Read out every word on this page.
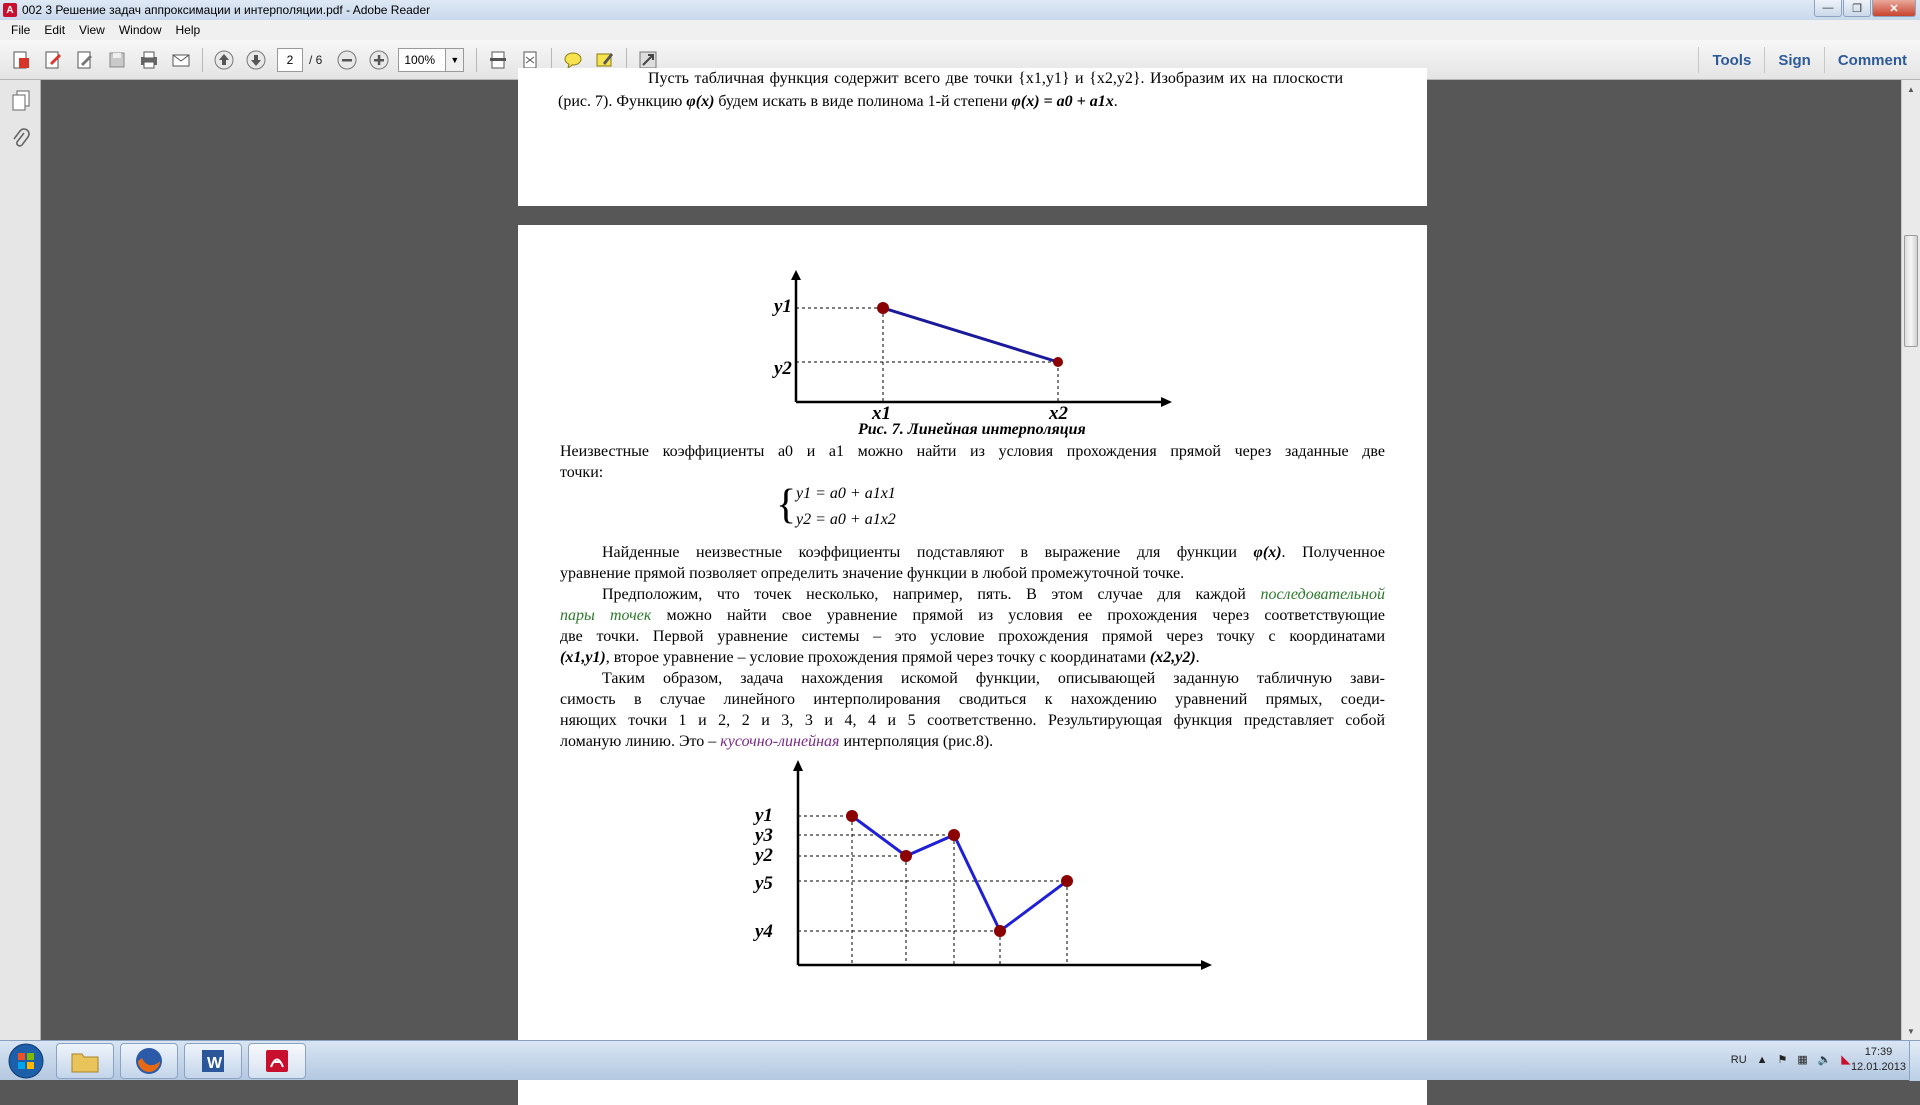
A 002 3 Решение задач аппроксимации и интерполяции.pdf - Adobe Reader	—	❐	✕
File	Edit	View	Window	Help
2	/ 6	100%	▼	Tools	Sign	Comment
Пусть табличная функция содержит всего две точки {x1,y1} и {x2,y2}. Изобразим их на плоскости
(рис. 7). Функцию φ(x) будем искать в виде полинома 1-й степени φ(x) = a0 + a1x.
y1
y2
x1	x2
Рис. 7. Линейная интерполяция
Неизвестные коэффициенты a0 и a1 можно найти из условия прохождения прямой через заданные две
точки:
{ y1 = a0 + a1x1
y2 = a0 + a1x2
Найденные неизвестные коэффициенты подставляют в выражение для функции φ(x). Полученное
уравнение прямой позволяет определить значение функции в любой промежуточной точке.
Предположим, что точек несколько, например, пять. В этом случае для каждой последовательной
пары точек можно найти свое уравнение прямой из условия ее прохождения через соответствующие
две точки. Первой уравнение системы – это условие прохождения прямой через точку с координатами
(x1,y1), второе уравнение – условие прохождения прямой через точку с координатами (x2,y2).
Таким образом, задача нахождения искомой функции, описывающей заданную табличную зави-
симость в случае линейного интерполирования сводиться к нахождению уравнений прямых, соеди-
няющих точки 1 и 2, 2 и 3, 3 и 4, 4 и 5 соответственно. Результирующая функция представляет собой
ломаную линию. Это – кусочно-линейная интерполяция (рис.8).
y1
y3
y2
y5
y4
▲
▼
W	RU ▲ ⚑ ▦ 🔈 ◣
17:39
12.01.2013
